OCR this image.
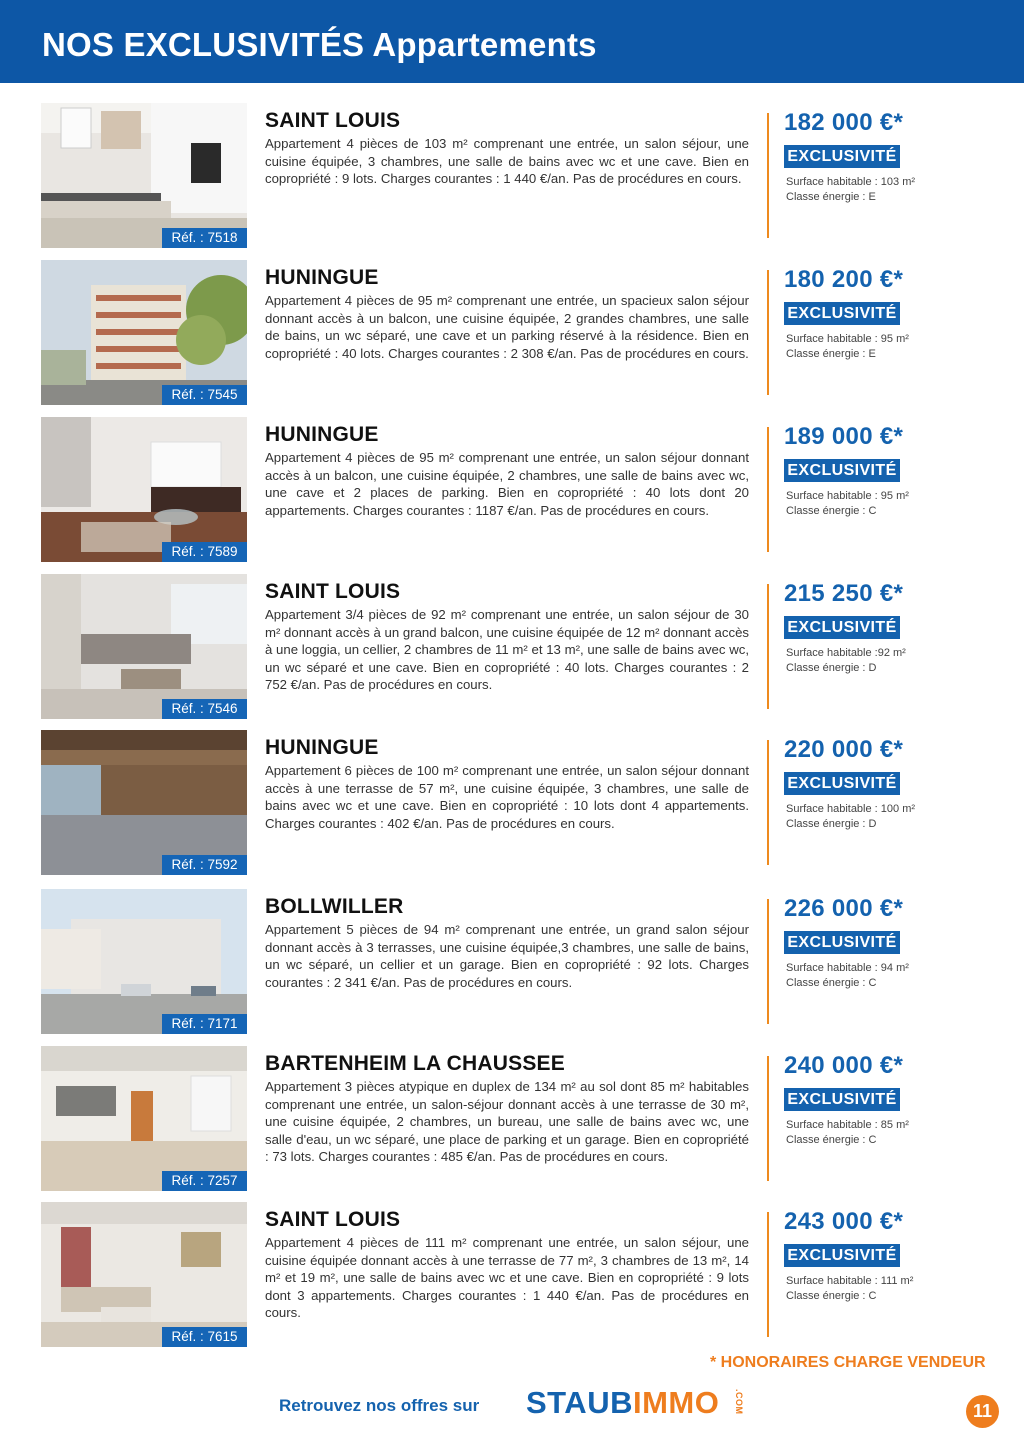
NOS EXCLUSIVITÉS Appartements
Réf. : 7518
SAINT LOUIS

Appartement 4 pièces de 103 m² comprenant une entrée, un salon séjour, une cuisine équipée, 3 chambres, une salle de bains avec wc et une cave. Bien en copropriété : 9 lots. Charges courantes : 1 440 €/an. Pas de procédures en cours.

182 000 €*
EXCLUSIVITÉ
Surface habitable : 103 m²
Classe énergie : E
Réf. : 7545
HUNINGUE

Appartement 4 pièces de 95 m² comprenant une entrée, un spacieux salon séjour donnant accès à un balcon, une cuisine équipée, 2 grandes chambres, une salle de bains, un wc séparé, une cave et un parking réservé à la résidence. Bien en copropriété : 40 lots. Charges courantes : 2 308 €/an. Pas de procédures en cours.

180 200 €*
EXCLUSIVITÉ
Surface habitable : 95 m²
Classe énergie : E
Réf. : 7589
HUNINGUE

Appartement 4 pièces de 95 m² comprenant une entrée, un salon séjour donnant accès à un balcon, une cuisine équipée, 2 chambres, une salle de bains avec wc, une cave et 2 places de parking. Bien en copropriété : 40 lots dont 20 appartements. Charges courantes : 1187 €/an. Pas de procédures en cours.

189 000 €*
EXCLUSIVITÉ
Surface habitable : 95 m²
Classe énergie : C
Réf. : 7546
SAINT LOUIS

Appartement 3/4 pièces de 92 m² comprenant une entrée, un salon séjour de 30 m² donnant accès à un grand balcon, une cuisine équipée de 12 m² donnant accès à une loggia, un cellier, 2 chambres de 11 m² et 13 m², une salle de bains avec wc, un wc séparé et une cave. Bien en copropriété : 40 lots. Charges courantes : 2 752 €/an. Pas de procédures en cours.

215 250 €*
EXCLUSIVITÉ
Surface habitable :92 m²
Classe énergie : D
Réf. : 7592
HUNINGUE

Appartement 6 pièces de 100 m² comprenant une entrée, un salon séjour donnant accès à une terrasse de 57 m², une cuisine équipée, 3 chambres, une salle de bains avec wc et une cave. Bien en copropriété : 10 lots dont 4 appartements. Charges courantes : 402 €/an. Pas de procédures en cours.

220 000 €*
EXCLUSIVITÉ
Surface habitable : 100 m²
Classe énergie : D
Réf. : 7171
BOLLWILLER

Appartement 5 pièces de 94 m² comprenant une entrée, un grand salon séjour donnant accès à 3 terrasses, une cuisine équipée,3 chambres, une salle de bains, un wc séparé, un cellier et un garage. Bien en copropriété : 92 lots. Charges courantes : 2 341 €/an. Pas de procédures en cours.

226 000 €*
EXCLUSIVITÉ
Surface habitable : 94 m²
Classe énergie : C
Réf. : 7257
BARTENHEIM LA CHAUSSEE

Appartement 3 pièces atypique en duplex de 134 m² au sol dont 85 m² habitables comprenant une entrée, un salon-séjour donnant accès à une terrasse de 30 m², une cuisine équipée, 2 chambres, un bureau, une salle de bains avec wc, une salle d'eau, un wc séparé, une place de parking et un garage. Bien en copropriété : 73 lots. Charges courantes : 485 €/an. Pas de procédures en cours.

240 000 €*
EXCLUSIVITÉ
Surface habitable : 85 m²
Classe énergie : C
Réf. : 7615
SAINT LOUIS

Appartement 4 pièces de 111 m² comprenant une entrée, un salon séjour, une cuisine équipée donnant accès à une terrasse de 77 m², 3 chambres de 13 m², 14 m² et 19 m², une salle de bains avec wc et une cave. Bien en copropriété : 9 lots dont 3 appartements. Charges courantes : 1 440 €/an. Pas de procédures en cours.

243 000 €*
EXCLUSIVITÉ
Surface habitable : 111 m²
Classe énergie : C
* HONORAIRES CHARGE VENDEUR
Retrouvez nos offres sur STAUBIMMO .COM	11
